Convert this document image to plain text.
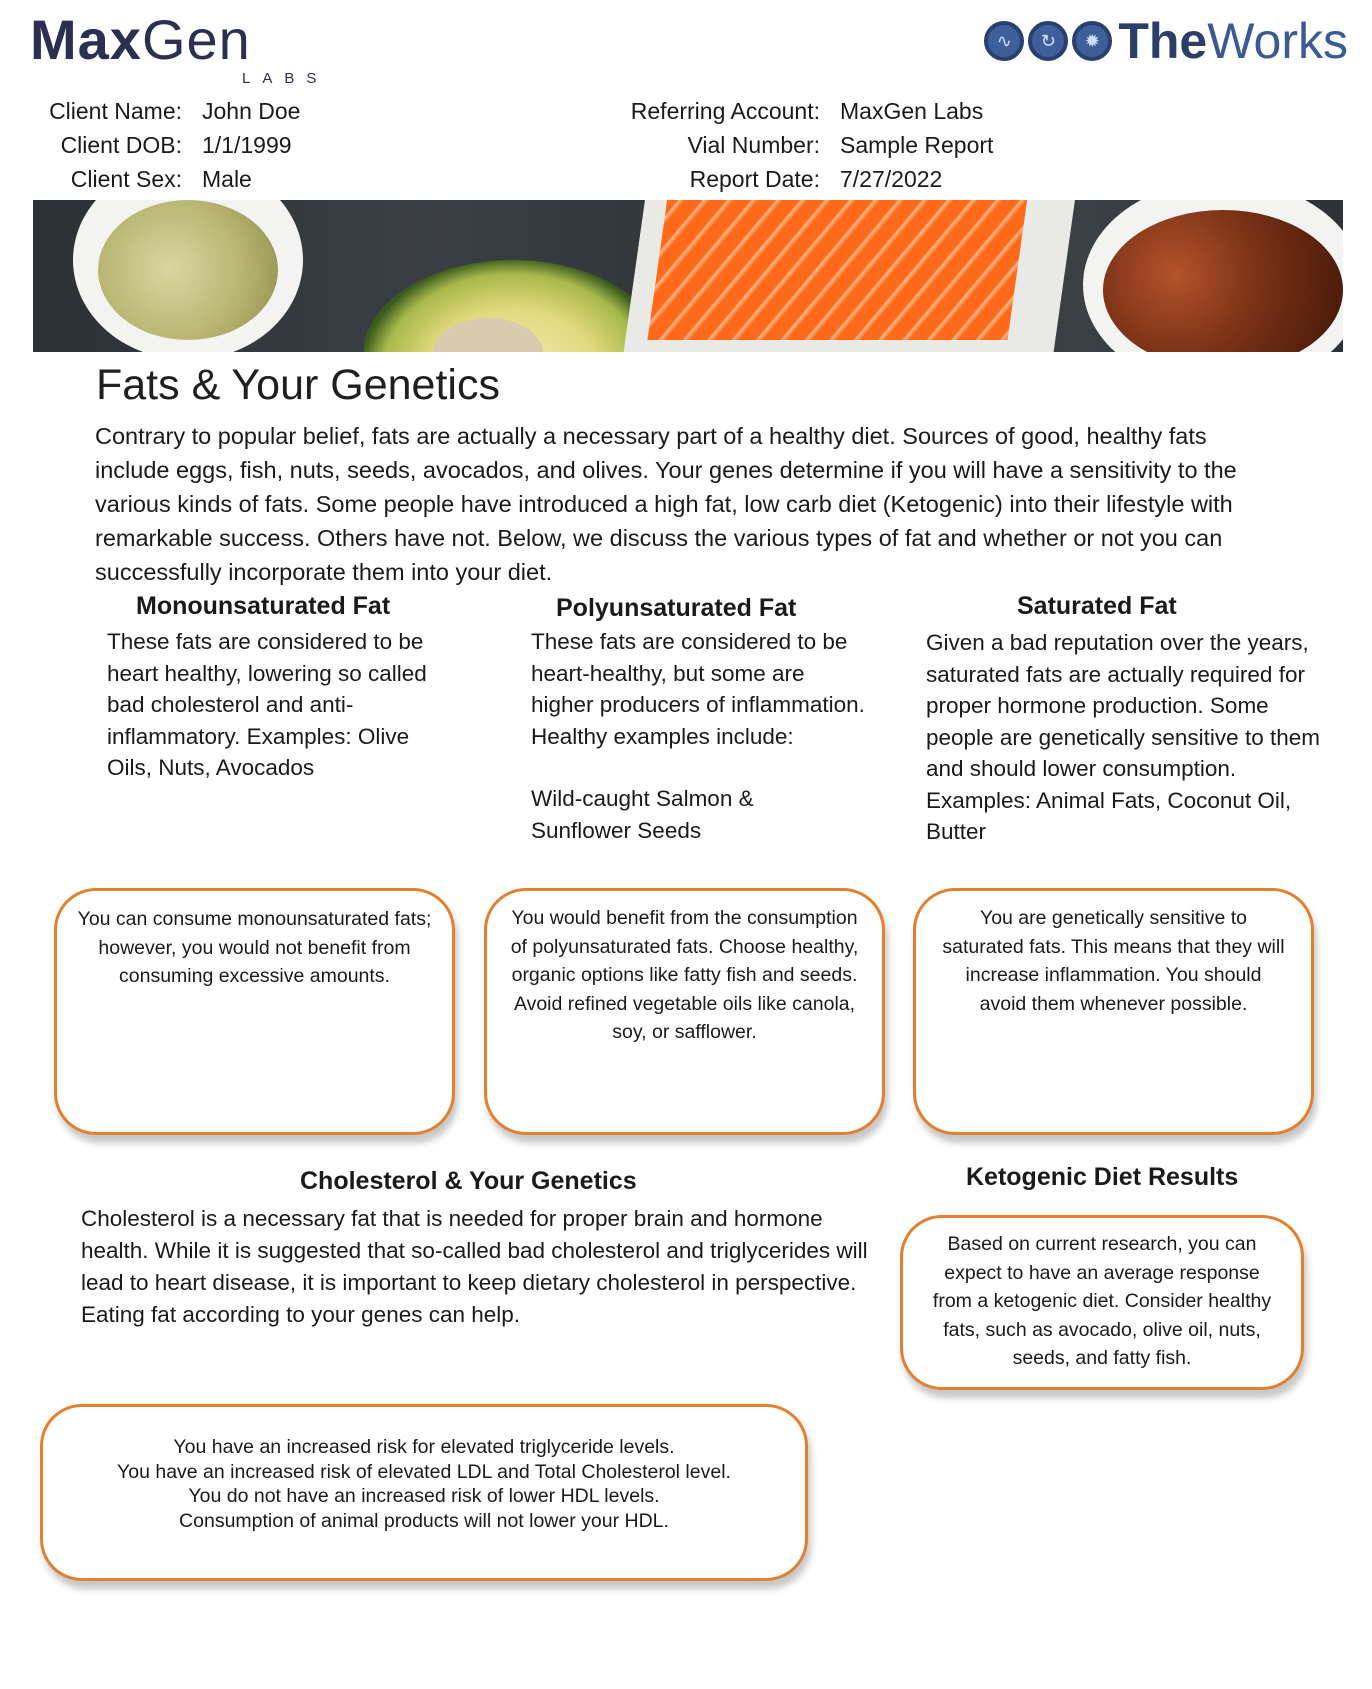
MaxGen
LABS
∿	↻	✹ TheWorks
Client Name: John Doe
Client DOB: 1/1/1999
Client Sex: Male
Referring Account: MaxGen Labs
Vial Number: Sample Report
Report Date: 7/27/2022
Fats & Your Genetics

Contrary to popular belief, fats are actually a necessary part of a healthy diet. Sources of good, healthy fats include eggs, fish, nuts, seeds, avocados, and olives. Your genes determine if you will have a sensitivity to the various kinds of fats. Some people have introduced a high fat, low carb diet (Ketogenic) into their lifestyle with remarkable success. Others have not. Below, we discuss the various types of fat and whether or not you can successfully incorporate them into your diet.

Monounsaturated Fat

These fats are considered to be heart healthy, lowering so called bad cholesterol and anti-inflammatory. Examples: Olive Oils, Nuts, Avocados

Polyunsaturated Fat

These fats are considered to be heart-healthy, but some are higher producers of inflammation. Healthy examples include:

Wild-caught Salmon & Sunflower Seeds

Saturated Fat

Given a bad reputation over the years, saturated fats are actually required for proper hormone production. Some people are genetically sensitive to them and should lower consumption. Examples: Animal Fats, Coconut Oil, Butter

You can consume monounsaturated fats; however, you would not benefit from consuming excessive amounts.

You would benefit from the consumption of polyunsaturated fats. Choose healthy, organic options like fatty fish and seeds. Avoid refined vegetable oils like canola, soy, or safflower.

You are genetically sensitive to saturated fats. This means that they will increase inflammation. You should avoid them whenever possible.

Cholesterol & Your Genetics

Cholesterol is a necessary fat that is needed for proper brain and hormone health. While it is suggested that so-called bad cholesterol and triglycerides will lead to heart disease, it is important to keep dietary cholesterol in perspective. Eating fat according to your genes can help.

You have an increased risk for elevated triglyceride levels.

You have an increased risk of elevated LDL and Total Cholesterol level.

You do not have an increased risk of lower HDL levels.

Consumption of animal products will not lower your HDL.

Ketogenic Diet Results

Based on current research, you can expect to have an average response from a ketogenic diet. Consider healthy fats, such as avocado, olive oil, nuts, seeds, and fatty fish.
